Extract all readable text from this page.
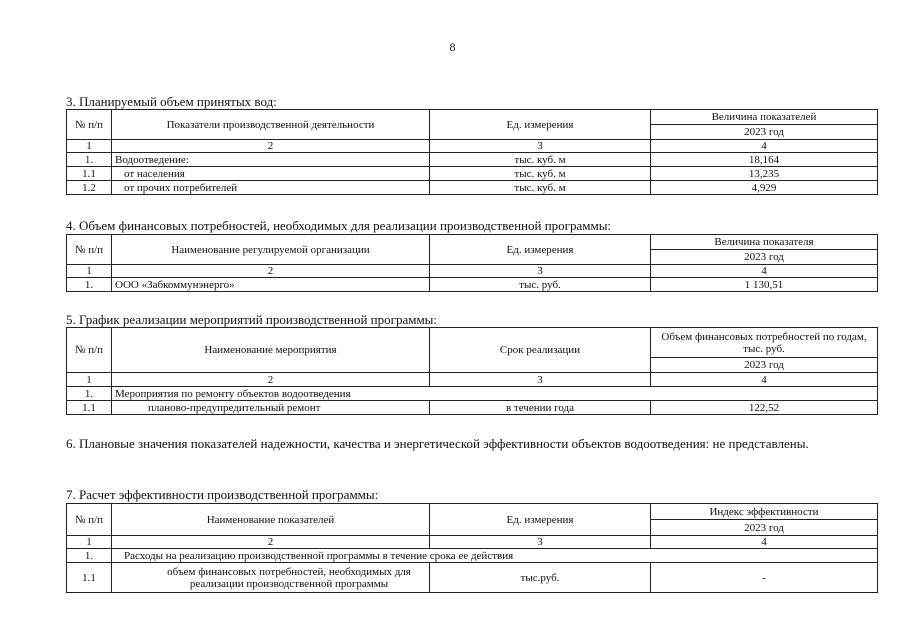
8
3. Планируемый объем принятых вод:
№ п/п	Показатели производственной деятельности	Ед. измерения	Величина показателей
			2023 год
1	2	3	4
1.	Водоотведение:	тыс. куб. м	18,164
1.1	от населения	тыс. куб. м	13,235
1.2	от прочих потребителей	тыс. куб. м	4,929
4. Объем финансовых потребностей, необходимых для реализации производственной программы:
№ п/п	Наименование регулируемой организации	Ед. измерения	Величина показателя
			2023 год
1	2	3	4
1.	ООО «Забкоммунэнерго»	тыс. руб.	1 130,51
5. График реализации мероприятий производственной программы:
№ п/п	Наименование мероприятия	Срок реализации	Объем финансовых потребностей по годам, тыс. руб.
			2023 год
1	2	3	4
1.	Мероприятия по ремонту объектов водоотведения		
1.1	планово-предупредительный ремонт	в течении года	122,52
6. Плановые значения показателей надежности, качества и энергетической эффективности объектов водоотведения: не представлены.
7. Расчет эффективности производственной программы:
№ п/п	Наименование показателей	Ед. измерения	Индекс эффективности
			2023 год
1	2	3	4
1.	Расходы на реализацию производственной программы в течение срока ее действия		
1.1	объем финансовых потребностей, необходимых для реализации производственной программы	тыс.руб.	-
